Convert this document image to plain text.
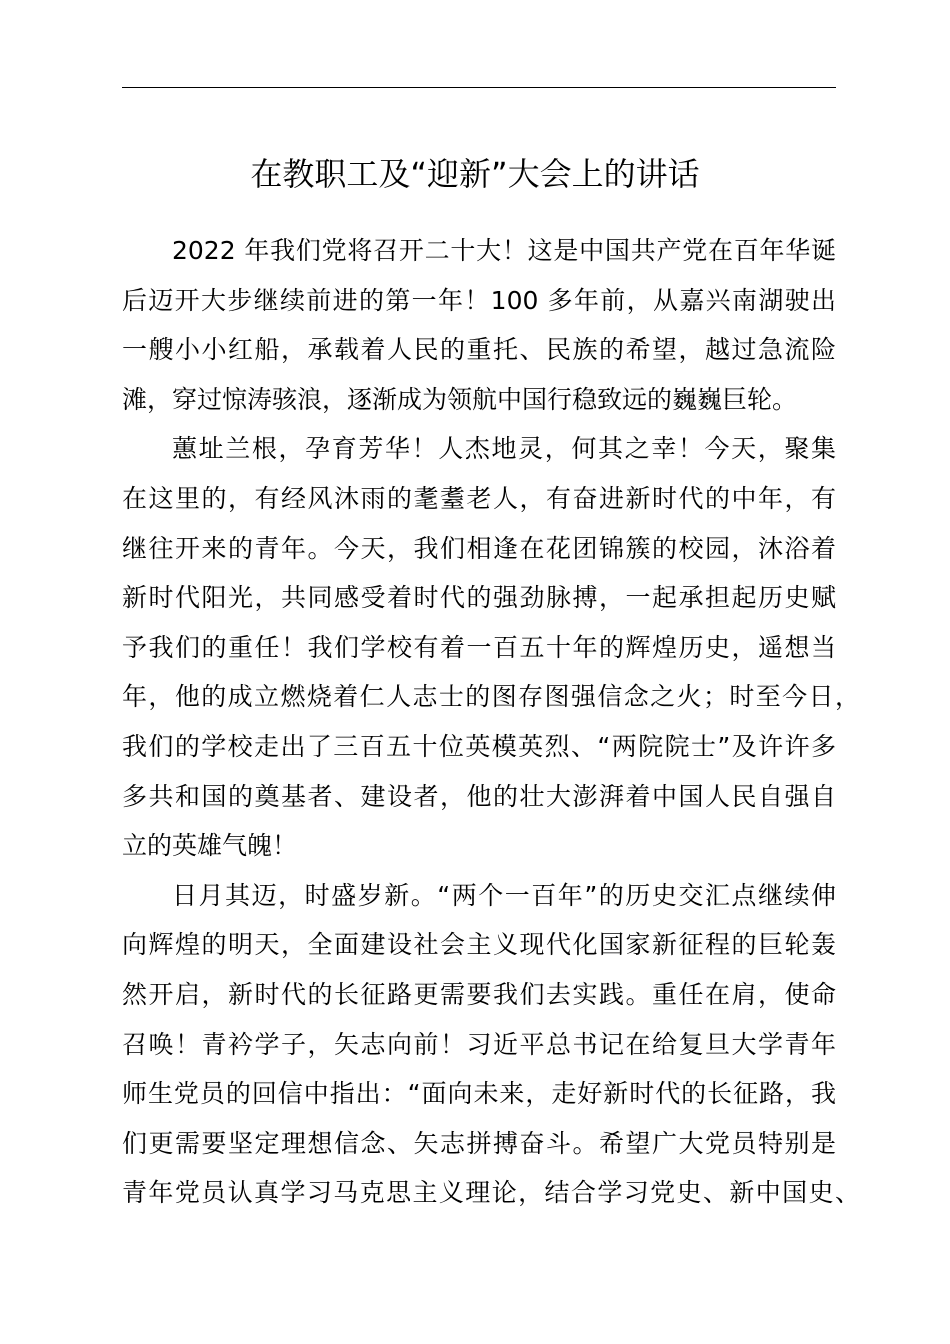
在教职工及“迎新”大会上的讲话
2022 年我们党将召开二十大！这是中国共产党在百年华诞
后迈开大步继续前进的第一年！100 多年前，从嘉兴南湖驶出
一艘小小红船，承载着人民的重托、民族的希望，越过急流险
滩，穿过惊涛骇浪，逐渐成为领航中国行稳致远的巍巍巨轮。
蕙址兰根，孕育芳华！人杰地灵，何其之幸！今天，聚集
在这里的，有经风沐雨的耄耋老人，有奋进新时代的中年，有
继往开来的青年。今天，我们相逢在花团锦簇的校园，沐浴着
新时代阳光，共同感受着时代的强劲脉搏，一起承担起历史赋
予我们的重任！我们学校有着一百五十年的辉煌历史，遥想当
年，他的成立燃烧着仁人志士的图存图强信念之火；时至今日，
我们的学校走出了三百五十位英模英烈、“两院院士”及许许多
多共和国的奠基者、建设者，他的壮大澎湃着中国人民自强自
立的英雄气魄！
日月其迈，时盛岁新。“两个一百年”的历史交汇点继续伸
向辉煌的明天，全面建设社会主义现代化国家新征程的巨轮轰
然开启，新时代的长征路更需要我们去实践。重任在肩，使命
召唤！青衿学子，矢志向前！习近平总书记在给复旦大学青年
师生党员的回信中指出：“面向未来，走好新时代的长征路，我
们更需要坚定理想信念、矢志拼搏奋斗。希望广大党员特别是
青年党员认真学习马克思主义理论，结合学习党史、新中国史、
